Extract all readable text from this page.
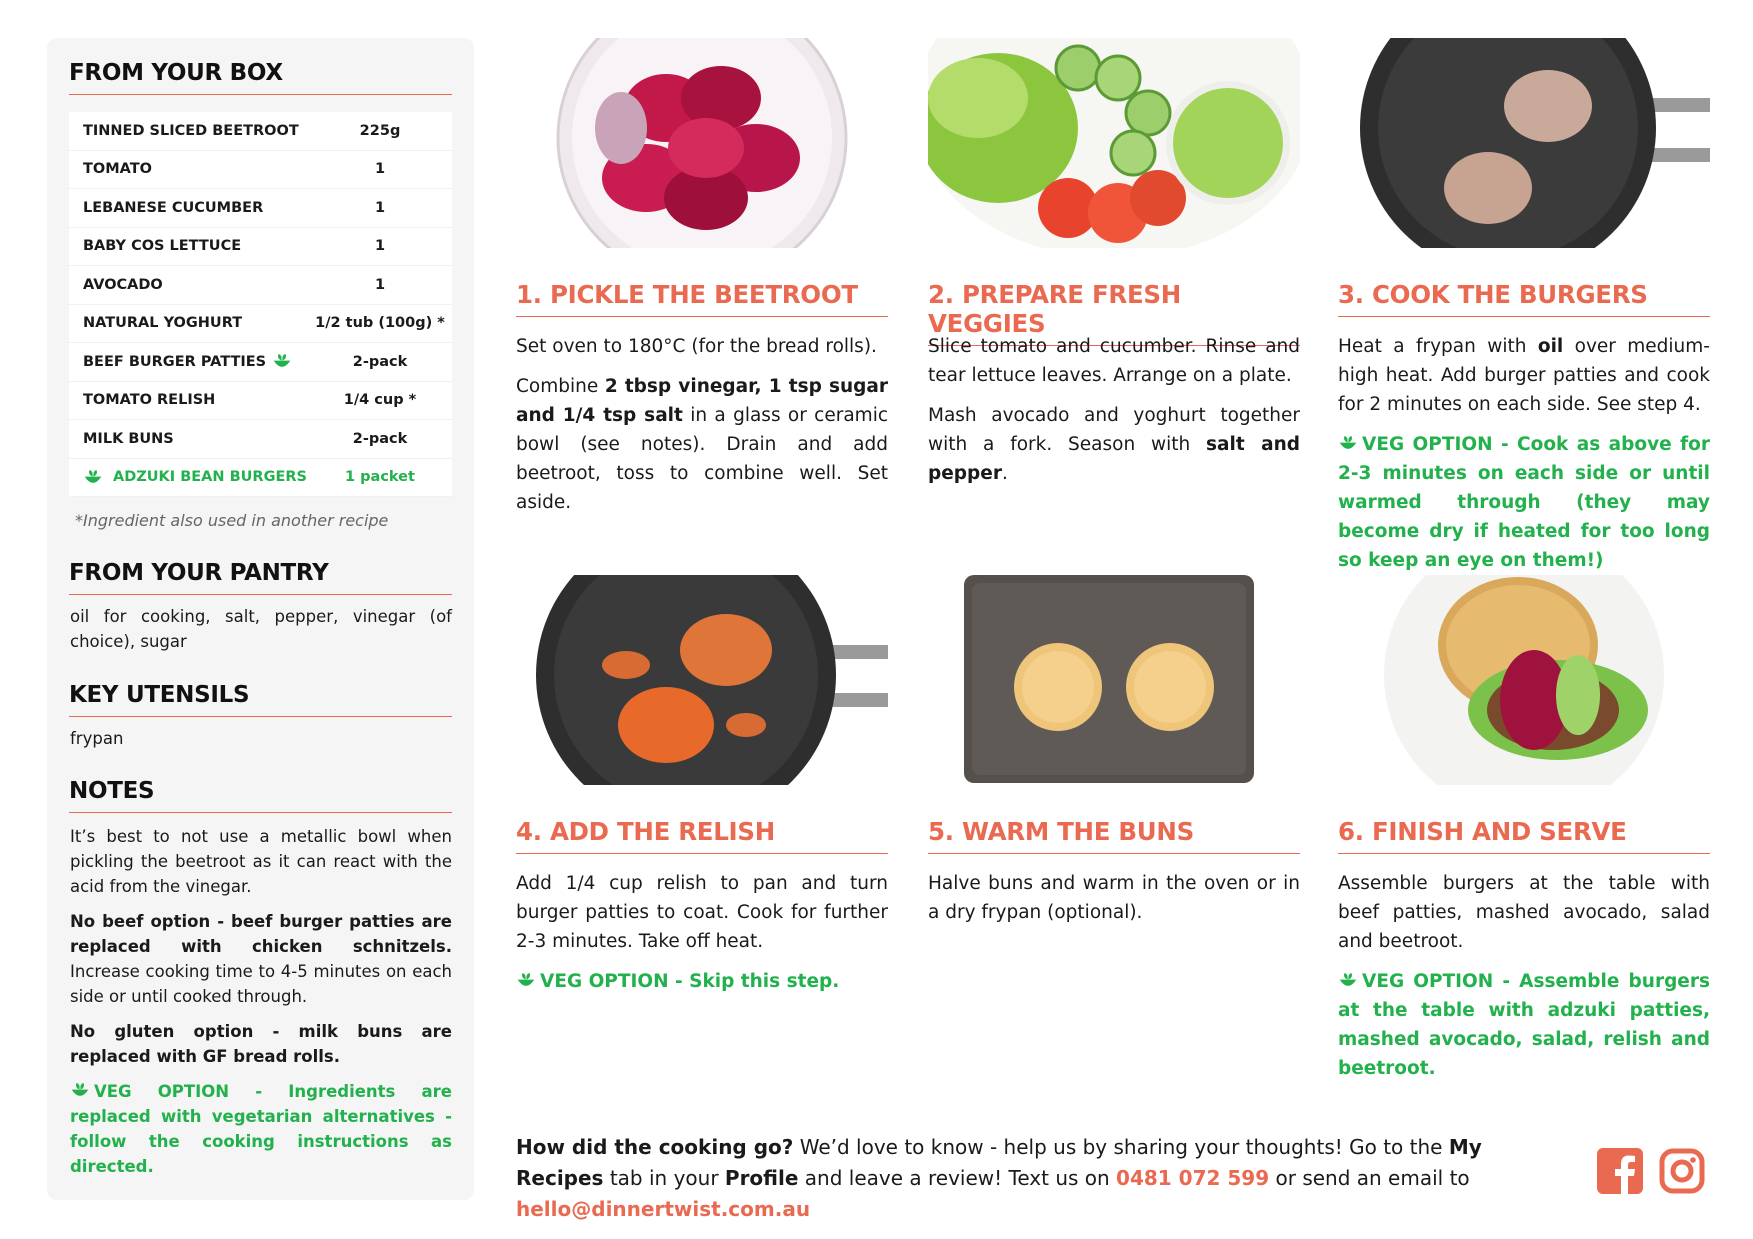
FROM YOUR BOX
TINNED SLICED BEETROOT	225g
TOMATO	1
LEBANESE CUCUMBER	1
BABY COS LETTUCE	1
AVOCADO	1
NATURAL YOGHURT	1/2 tub (100g) *
BEEF BURGER PATTIES	2-pack
TOMATO RELISH	1/4 cup *
MILK BUNS	2-pack
ADZUKI BEAN BURGERS	1 packet
*Ingredient also used in another recipe
FROM YOUR PANTRY
oil for cooking, salt, pepper, vinegar (of choice), sugar
KEY UTENSILS
frypan
NOTES

It’s best to not use a metallic bowl when pickling the beetroot as it can react with the acid from the vinegar.

No beef option - beef burger patties are replaced with chicken schnitzels. Increase cooking time to 4-5 minutes on each side or until cooked through.

No gluten option - milk buns are replaced with GF bread rolls.

VEG OPTION - Ingredients are replaced with vegetarian alternatives - follow the cooking instructions as directed.

1. PICKLE THE BEETROOT

Set oven to 180°C (for the bread rolls).

Combine 2 tbsp vinegar, 1 tsp sugar and 1/4 tsp salt in a glass or ceramic bowl (see notes). Drain and add beetroot, toss to combine well. Set aside.

2. PREPARE FRESH VEGGIES

Slice tomato and cucumber. Rinse and tear lettuce leaves. Arrange on a plate.

Mash avocado and yoghurt together with a fork. Season with salt and pepper.

3. COOK THE BURGERS

Heat a frypan with oil over medium-high heat. Add burger patties and cook for 2 minutes on each side. See step 4.

VEG OPTION - Cook as above for 2-3 minutes on each side or until warmed through (they may become dry if heated for too long so keep an eye on them!)

4. ADD THE RELISH

Add 1/4 cup relish to pan and turn burger patties to coat. Cook for further 2-3 minutes. Take off heat.

VEG OPTION - Skip this step.

5. WARM THE BUNS

Halve buns and warm in the oven or in a dry frypan (optional).

6. FINISH AND SERVE

Assemble burgers at the table with beef patties, mashed avocado, salad and beetroot.

VEG OPTION - Assemble burgers at the table with adzuki patties, mashed avocado, salad, relish and beetroot.

How did the cooking go? We’d love to know - help us by sharing your thoughts! Go to the My Recipes tab in your Profile and leave a review! Text us on 0481 072 599 or send an email to hello@dinnertwist.com.au
